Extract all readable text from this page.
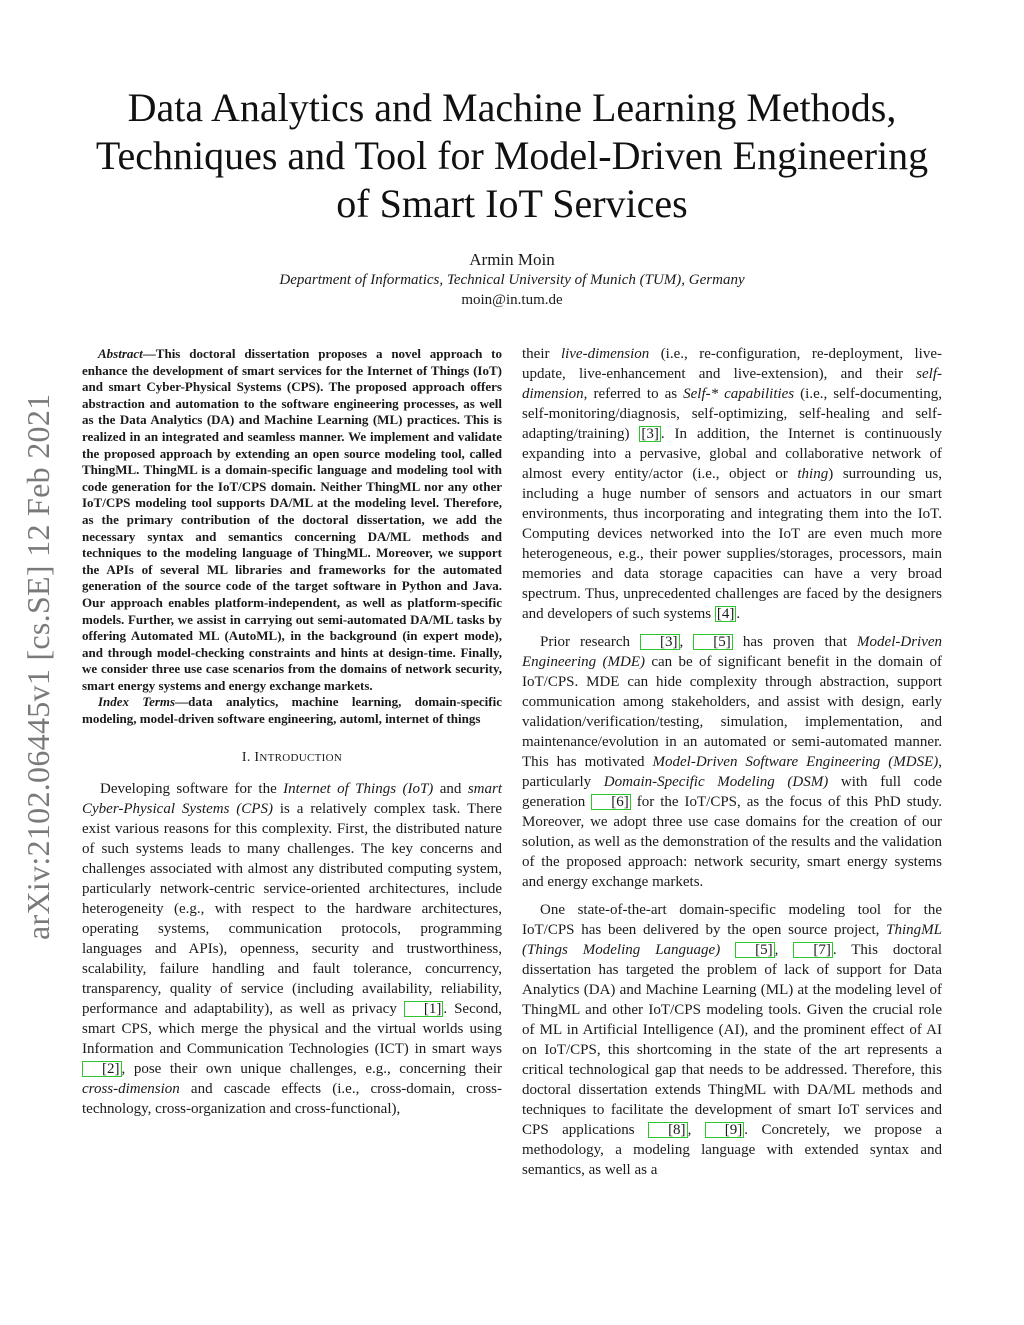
arXiv:2102.06445v1 [cs.SE] 12 Feb 2021
Data Analytics and Machine Learning Methods,
Techniques and Tool for Model-Driven Engineering
of Smart IoT Services
Armin Moin
Department of Informatics, Technical University of Munich (TUM), Germany
moin@in.tum.de

Abstract—This doctoral dissertation proposes a novel approach to enhance the development of smart services for the Internet of Things (IoT) and smart Cyber-Physical Systems (CPS). The proposed approach offers abstraction and automation to the software engineering processes, as well as the Data Analytics (DA) and Machine Learning (ML) practices. This is realized in an integrated and seamless manner. We implement and validate the proposed approach by extending an open source modeling tool, called ThingML. ThingML is a domain-specific language and modeling tool with code generation for the IoT/CPS domain. Neither ThingML nor any other IoT/CPS modeling tool supports DA/ML at the modeling level. Therefore, as the primary contribution of the doctoral dissertation, we add the necessary syntax and semantics concerning DA/ML methods and techniques to the modeling language of ThingML. Moreover, we support the APIs of several ML libraries and frameworks for the automated generation of the source code of the target software in Python and Java. Our approach enables platform-independent, as well as platform-specific models. Further, we assist in carrying out semi-automated DA/ML tasks by offering Automated ML (AutoML), in the background (in expert mode), and through model-checking constraints and hints at design-time. Finally, we consider three use case scenarios from the domains of network security, smart energy systems and energy exchange markets.

Index Terms—data analytics, machine learning, domain-specific modeling, model-driven software engineering, automl, internet of things

I. INTRODUCTION

Developing software for the Internet of Things (IoT) and smart Cyber-Physical Systems (CPS) is a relatively complex task. There exist various reasons for this complexity. First, the distributed nature of such systems leads to many challenges. The key concerns and challenges associated with almost any distributed computing system, particularly network-centric service-oriented architectures, include heterogeneity (e.g., with respect to the hardware architectures, operating systems, communication protocols, programming languages and APIs), openness, security and trustworthiness, scalability, failure handling and fault tolerance, concurrency, transparency, quality of service (including availability, reliability, performance and adaptability), as well as privacy [1] . Second, smart CPS, which merge the physical and the virtual worlds using Information and Communication Technologies (ICT) in smart ways [2] , pose their own unique challenges, e.g., concerning their cross-dimension and cascade effects (i.e., cross-domain, cross-technology, cross-organization and cross-functional),

their live-dimension (i.e., re-configuration, re-deployment, live-update, live-enhancement and live-extension), and their self-dimension, referred to as Self-* capabilities (i.e., self-documenting, self-monitoring/diagnosis, self-optimizing, self-healing and self-adapting/training) [3] . In addition, the Internet is continuously expanding into a pervasive, global and collaborative network of almost every entity/actor (i.e., object or thing) surrounding us, including a huge number of sensors and actuators in our smart environments, thus incorporating and integrating them into the IoT. Computing devices networked into the IoT are even much more heterogeneous, e.g., their power supplies/storages, processors, main memories and data storage capacities can have a very broad spectrum. Thus, unprecedented challenges are faced by the designers and developers of such systems [4] .

Prior research [3] , [5] has proven that Model-Driven Engineering (MDE) can be of significant benefit in the domain of IoT/CPS. MDE can hide complexity through abstraction, support communication among stakeholders, and assist with design, early validation/verification/testing, simulation, implementation, and maintenance/evolution in an automated or semi-automated manner. This has motivated Model-Driven Software Engineering (MDSE), particularly Domain-Specific Modeling (DSM) with full code generation [6] for the IoT/CPS, as the focus of this PhD study. Moreover, we adopt three use case domains for the creation of our solution, as well as the demonstration of the results and the validation of the proposed approach: network security, smart energy systems and energy exchange markets.

One state-of-the-art domain-specific modeling tool for the IoT/CPS has been delivered by the open source project, ThingML (Things Modeling Language) [5] , [7] . This doctoral dissertation has targeted the problem of lack of support for Data Analytics (DA) and Machine Learning (ML) at the modeling level of ThingML and other IoT/CPS modeling tools. Given the crucial role of ML in Artificial Intelligence (AI), and the prominent effect of AI on IoT/CPS, this shortcoming in the state of the art represents a critical technological gap that needs to be addressed. Therefore, this doctoral dissertation extends ThingML with DA/ML methods and techniques to facilitate the development of smart IoT services and CPS applications [8] , [9] . Concretely, we propose a methodology, a modeling language with extended syntax and semantics, as well as a
